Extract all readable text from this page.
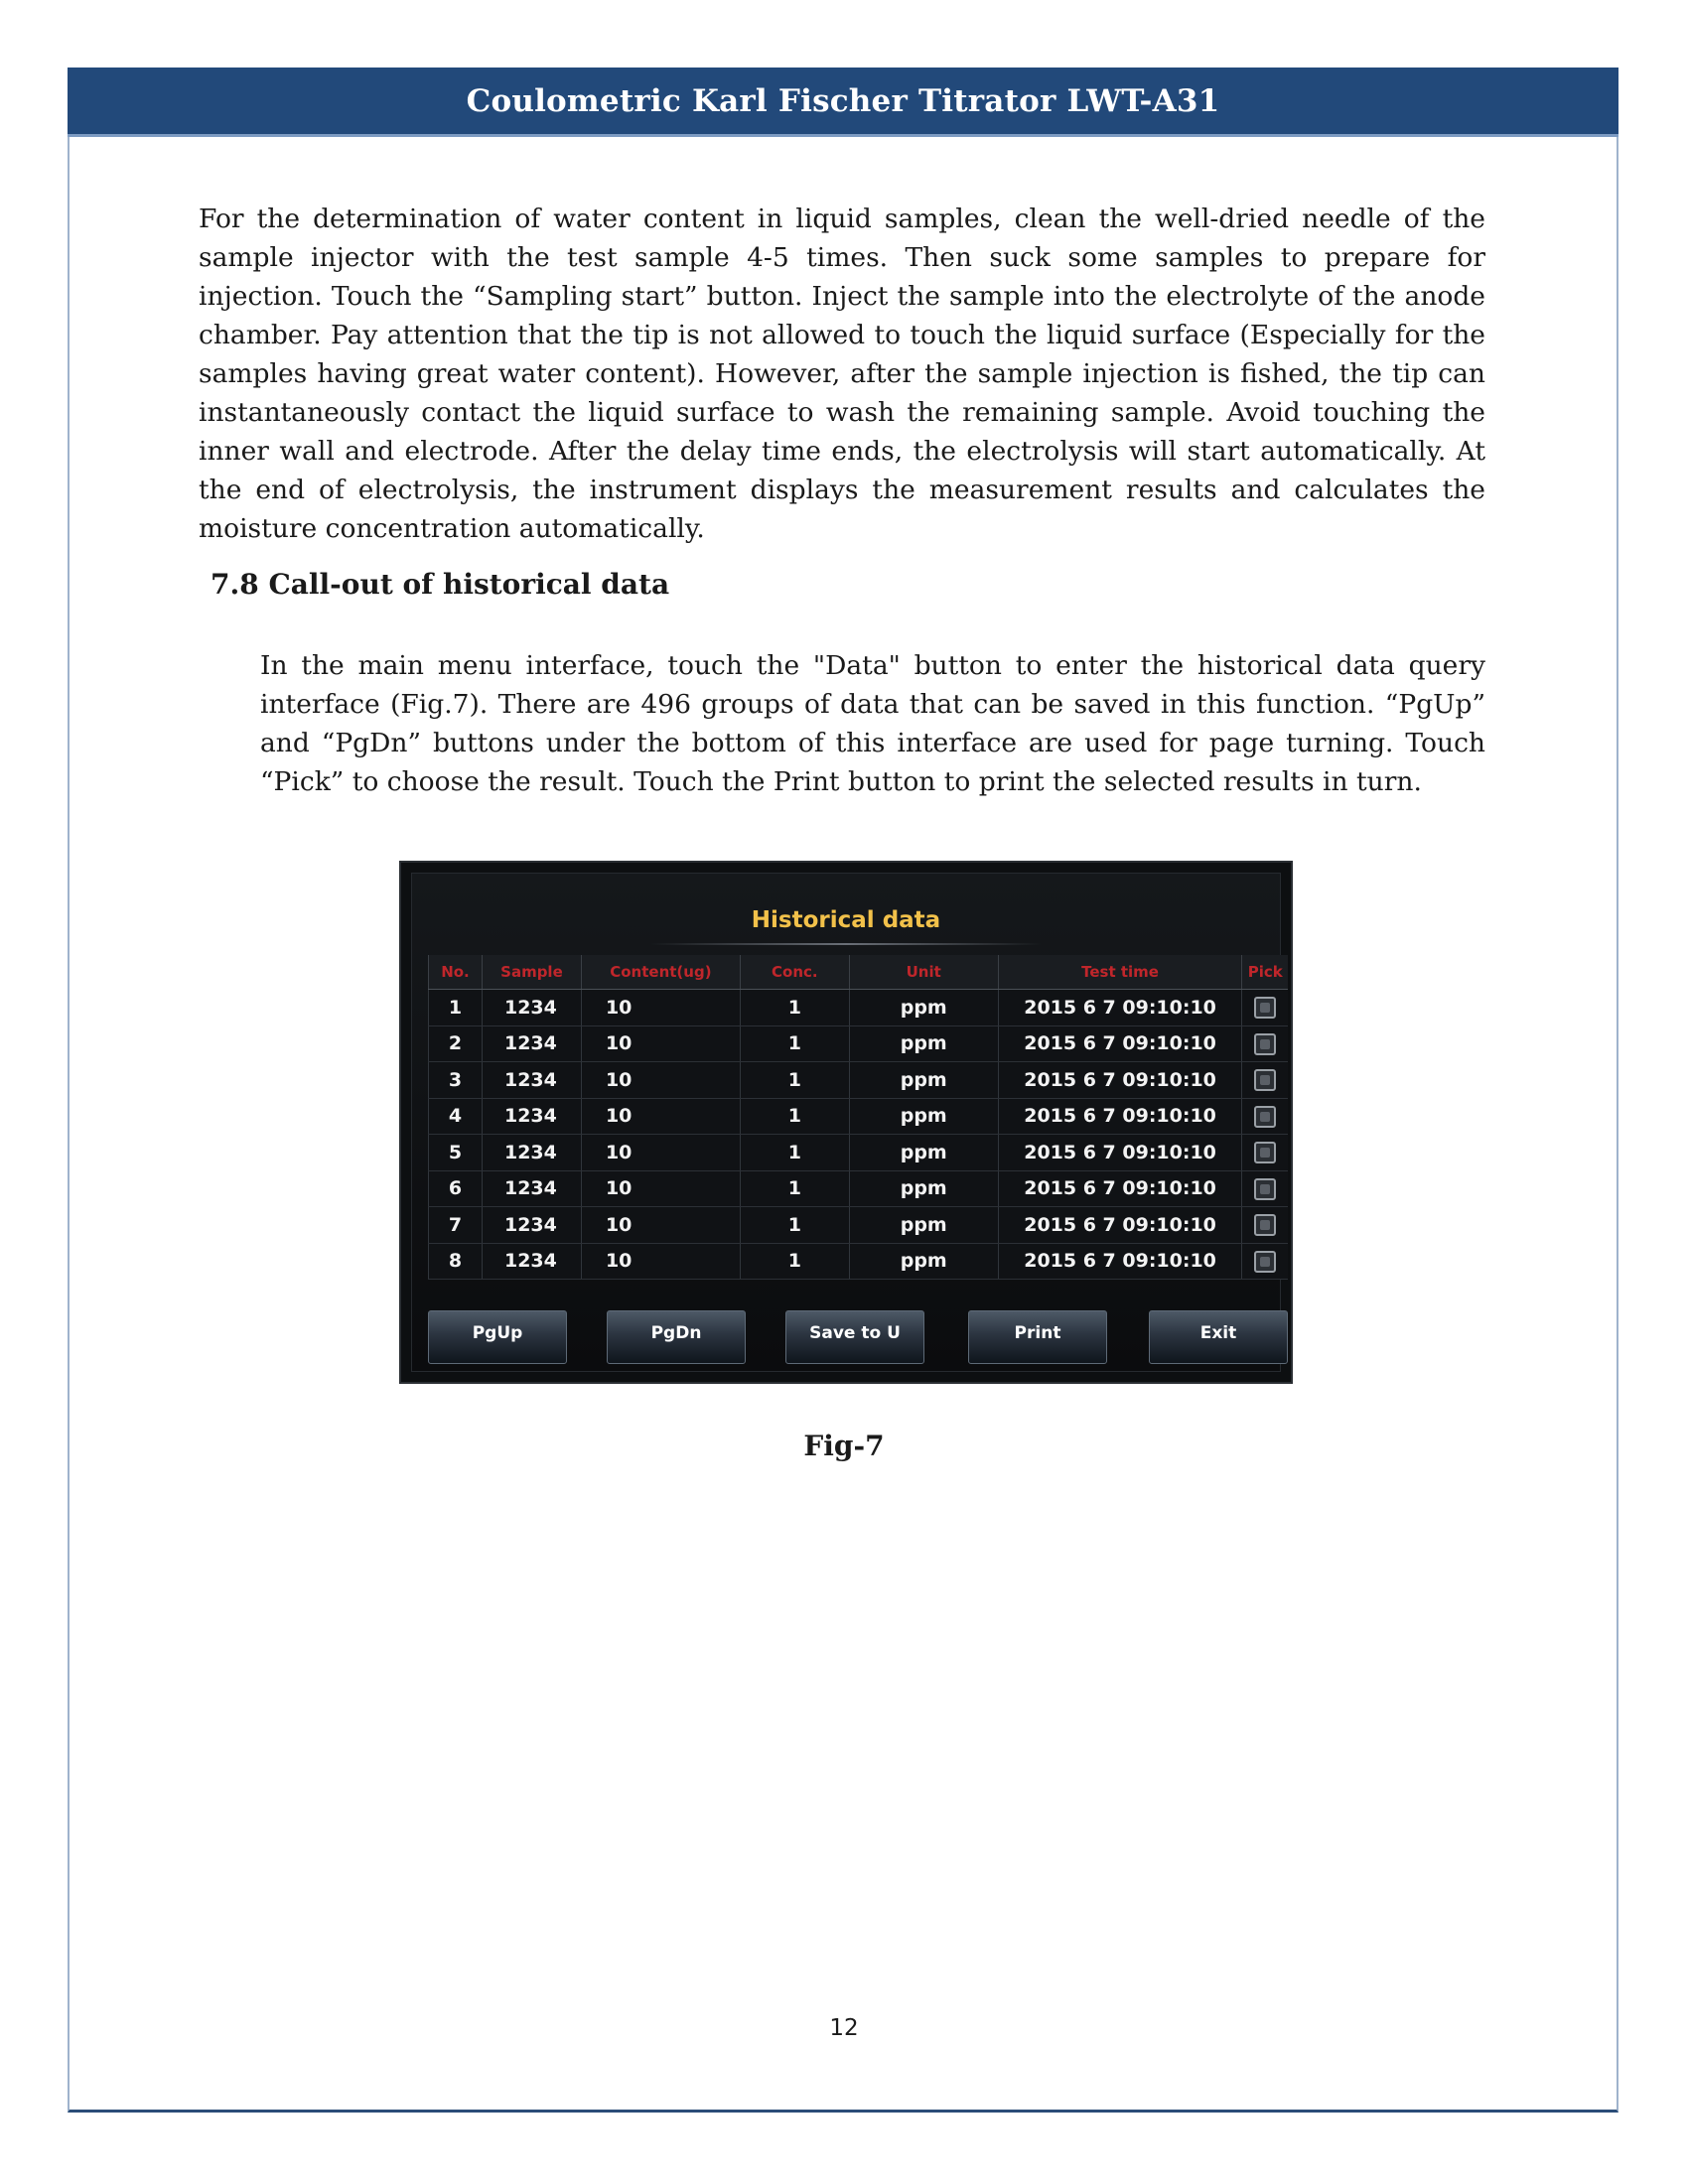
Coulometric Karl Fischer Titrator LWT-A31

For the determination of water content in liquid samples, clean the well-dried needle of the sample injector with the test sample 4-5 times. Then suck some samples to prepare for injection. Touch the “Sampling start” button. Inject the sample into the electrolyte of the anode chamber. Pay attention that the tip is not allowed to touch the liquid surface (Especially for the samples having great water content). However, after the sample injection is fished, the tip can instantaneously contact the liquid surface to wash the remaining sample. Avoid touching the inner wall and electrode. After the delay time ends, the electrolysis will start automatically. At the end of electrolysis, the instrument displays the measurement results and calculates the moisture concentration automatically.

7.8 Call-out of historical data

In the main menu interface, touch the "Data" button to enter the historical data query interface (Fig.7). There are 496 groups of data that can be saved in this function. “PgUp” and “PgDn” buttons under the bottom of this interface are used for page turning. Touch “Pick” to choose the result. Touch the Print button to print the selected results in turn.

Historical data
No.	Sample	Content(ug)	Conc.	Unit	Test time	Pick
1	1234	10	1	ppm	2015 6 7 09:10:10	
2	1234	10	1	ppm	2015 6 7 09:10:10	
3	1234	10	1	ppm	2015 6 7 09:10:10	
4	1234	10	1	ppm	2015 6 7 09:10:10	
5	1234	10	1	ppm	2015 6 7 09:10:10	
6	1234	10	1	ppm	2015 6 7 09:10:10	
7	1234	10	1	ppm	2015 6 7 09:10:10	
8	1234	10	1	ppm	2015 6 7 09:10:10	
PgUp	PgDn	Save to U	Print	Exit
Fig-7
12
